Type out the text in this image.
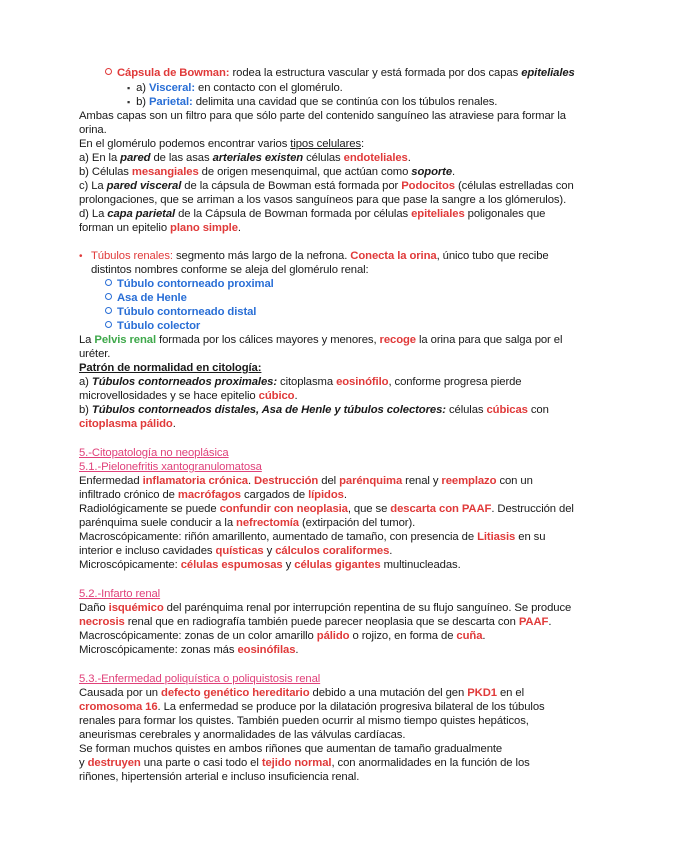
Cápsula de Bowman: rodea la estructura vascular y está formada por dos capas epiteliales
▪ a) Visceral: en contacto con el glomérulo.
▪ b) Parietal: delimita una cavidad que se continúa con los túbulos renales.
Ambas capas son un filtro para que sólo parte del contenido sanguíneo las atraviese para formar la
orina.
En el glomérulo podemos encontrar varios tipos celulares:
a) En la pared de las asas arteriales existen células endoteliales.
b) Células mesangiales de origen mesenquimal, que actúan como soporte.
c) La pared visceral de la cápsula de Bowman está formada por Podocitos (células estrelladas con
prolongaciones, que se arriman a los vasos sanguíneos para que pase la sangre a los glómerulos).
d) La capa parietal de la Cápsula de Bowman formada por células epiteliales poligonales que
forman un epitelio plano simple.
• Túbulos renales: segmento más largo de la nefrona. Conecta la orina, único tubo que recibe
distintos nombres conforme se aleja del glomérulo renal:
Túbulo contorneado proximal
Asa de Henle
Túbulo contorneado distal
Túbulo colector
La Pelvis renal formada por los cálices mayores y menores, recoge la orina para que salga por el
uréter.
Patrón de normalidad en citología:
a) Túbulos contorneados proximales: citoplasma eosinófilo, conforme progresa pierde
microvellosidades y se hace epitelio cúbico.
b) Túbulos contorneados distales, Asa de Henle y túbulos colectores: células cúbicas con
citoplasma pálido.
5.-Citopatología no neoplásica
5.1.-Pielonefritis xantogranulomatosa
Enfermedad inflamatoria crónica. Destrucción del parénquima renal y reemplazo con un
infiltrado crónico de macrófagos cargados de lípidos.
Radiológicamente se puede confundir con neoplasia, que se descarta con PAAF. Destrucción del
parénquima suele conducir a la nefrectomía (extirpación del tumor).
Macroscópicamente: riñón amarillento, aumentado de tamaño, con presencia de Litiasis en su
interior e incluso cavidades quísticas y cálculos coraliformes.
Microscópicamente: células espumosas y células gigantes multinucleadas.
5.2.-Infarto renal
Daño isquémico del parénquima renal por interrupción repentina de su flujo sanguíneo. Se produce
necrosis renal que en radiografía también puede parecer neoplasia que se descarta con PAAF.
Macroscópicamente: zonas de un color amarillo pálido o rojizo, en forma de cuña.
Microscópicamente: zonas más eosinófilas.
5.3.-Enfermedad poliquística o poliquistosis renal
Causada por un defecto genético hereditario debido a una mutación del gen PKD1 en el
cromosoma 16. La enfermedad se produce por la dilatación progresiva bilateral de los túbulos
renales para formar los quistes. También pueden ocurrir al mismo tiempo quistes hepáticos,
aneurismas cerebrales y anormalidades de las válvulas cardíacas.
Se forman muchos quistes en ambos riñones que aumentan de tamaño gradualmente
y destruyen una parte o casi todo el tejido normal, con anormalidades en la función de los
riñones, hipertensión arterial e incluso insuficiencia renal.
